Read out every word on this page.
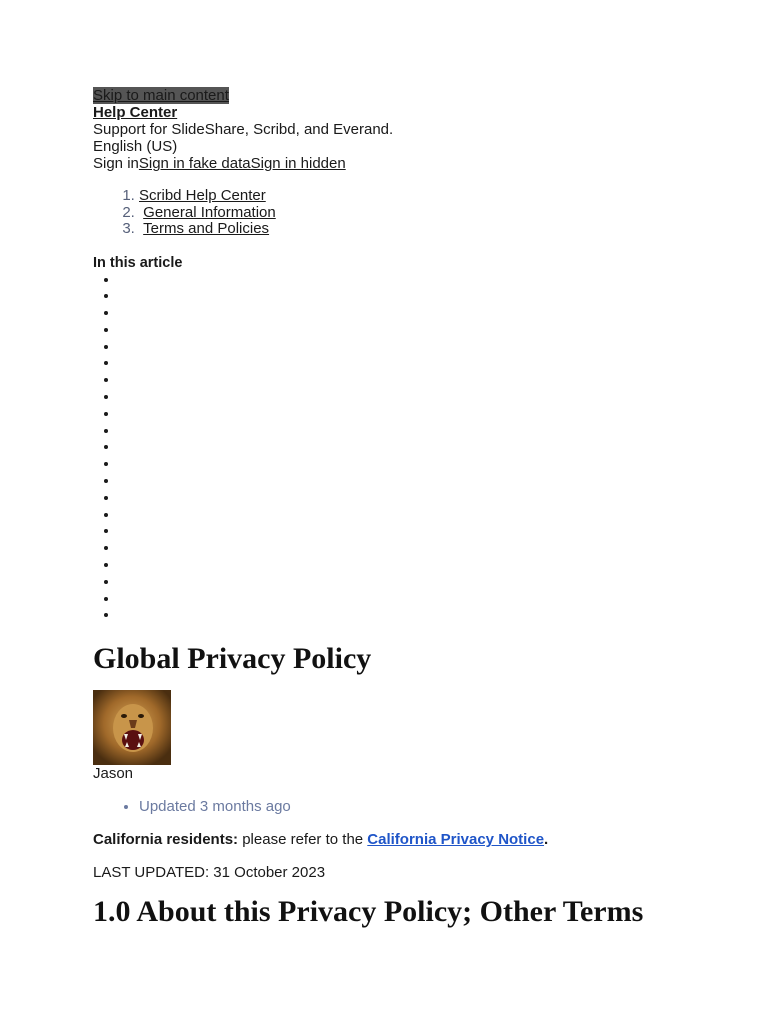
Skip to main content
Help Center
Support for SlideShare, Scribd, and Everand.
English (US)
Sign inSign in fake dataSign in hidden
1. Scribd Help Center
2. General Information
3. Terms and Policies
In this article
•
•
•
•
•
•
•
•
•
•
•
•
•
•
•
•
•
•
•
•
•
Global Privacy Policy
Jason
• Updated 3 months ago
California residents: please refer to the California Privacy Notice.
LAST UPDATED: 31 October 2023
1.0 About this Privacy Policy; Other Terms
